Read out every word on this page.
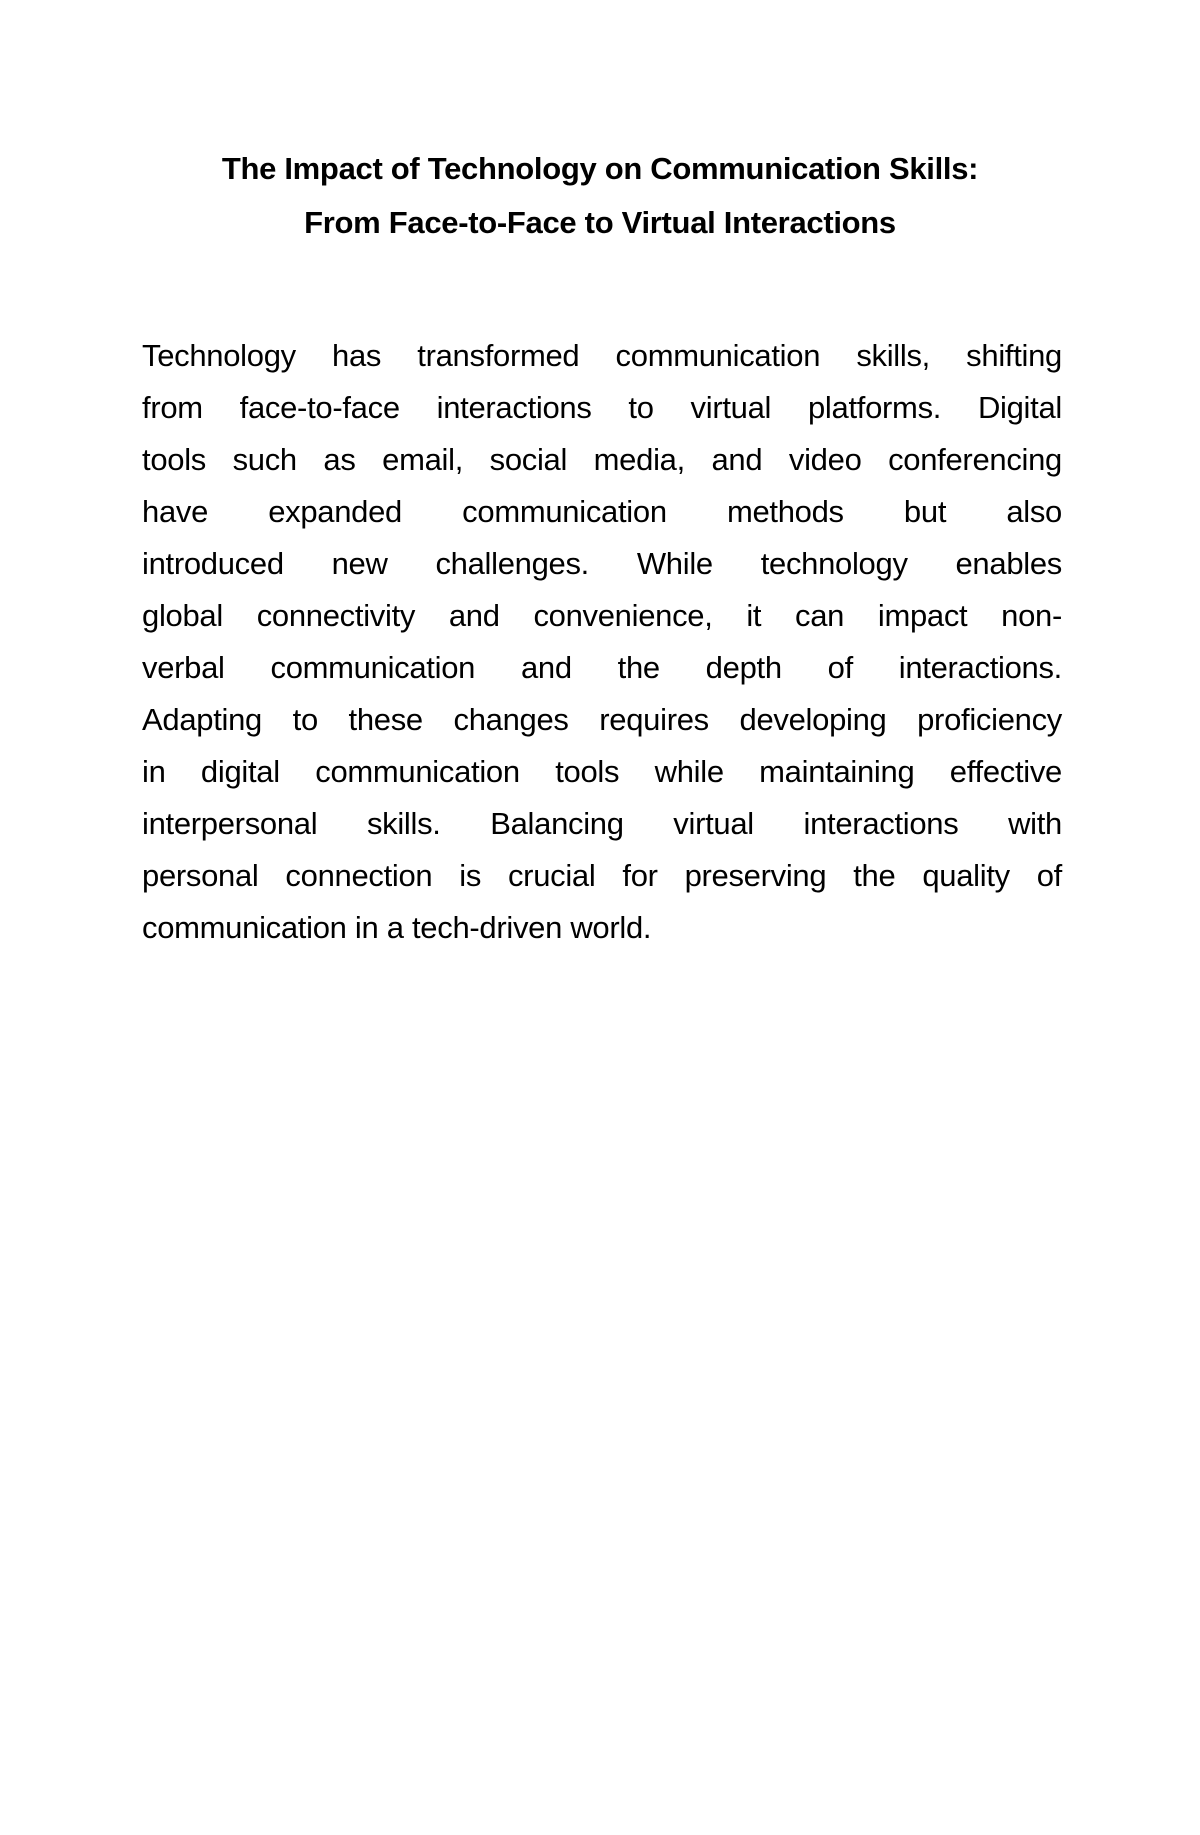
The Impact of Technology on Communication Skills:
From Face-to-Face to Virtual Interactions
Technology has transformed communication skills, shifting
from face-to-face interactions to virtual platforms. Digital
tools such as email, social media, and video conferencing
have expanded communication methods but also
introduced new challenges. While technology enables
global connectivity and convenience, it can impact non-
verbal communication and the depth of interactions.
Adapting to these changes requires developing proficiency
in digital communication tools while maintaining effective
interpersonal skills. Balancing virtual interactions with
personal connection is crucial for preserving the quality of
communication in a tech-driven world.
